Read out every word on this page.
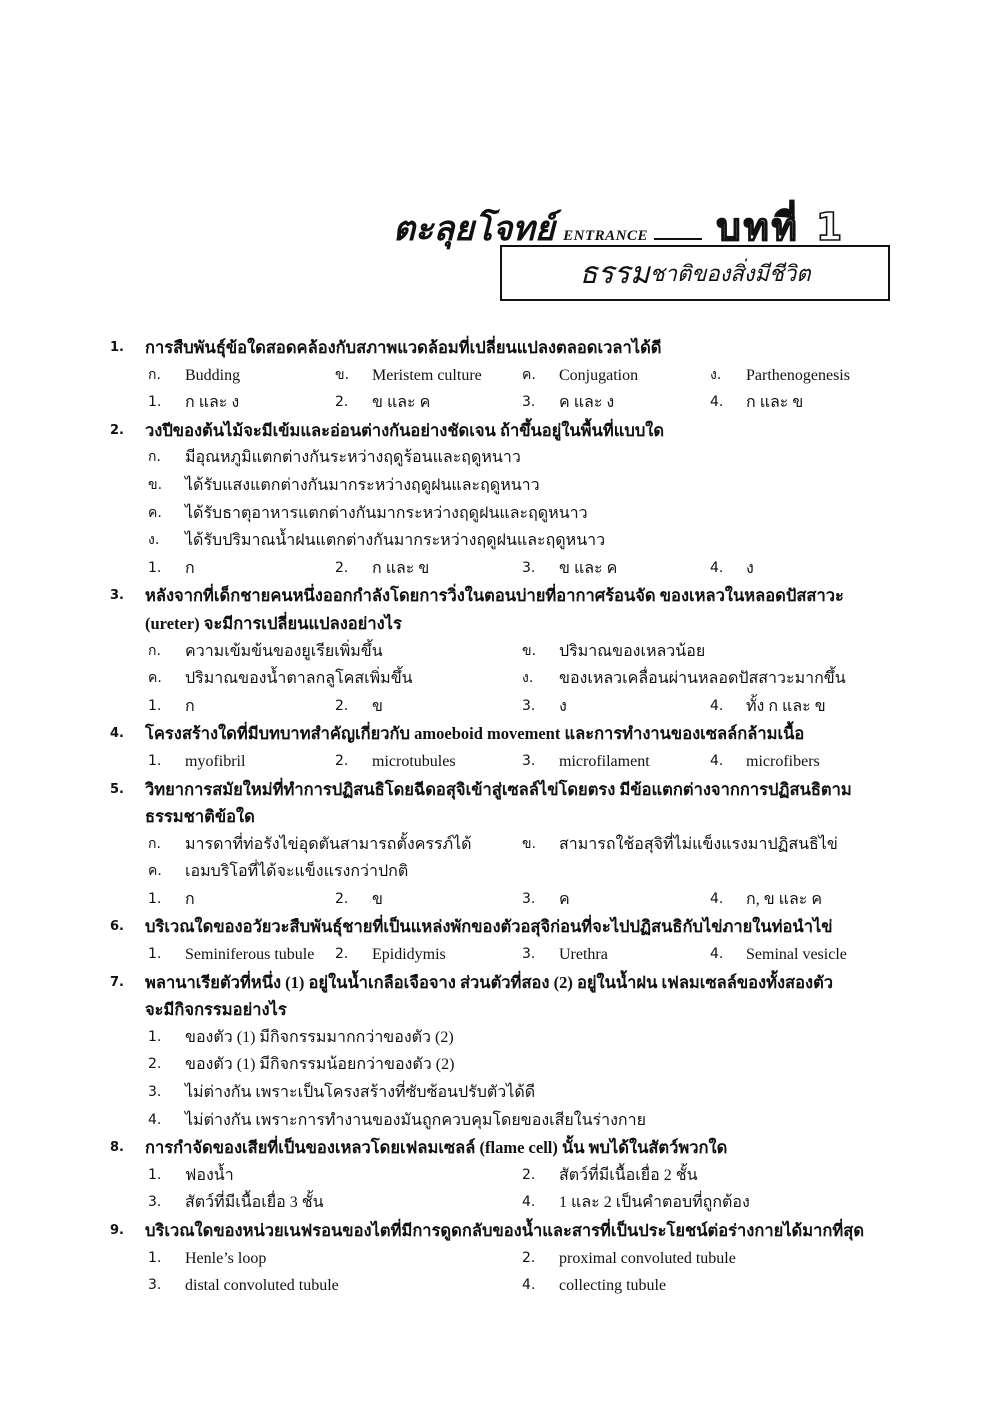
ตะลุยโจทย์ ENTRANCE บทที่ 1
ธรรม ชาติของสิ่งมีชีวิต
1. การสืบพันธุ์ข้อใดสอดคล้องกับสภาพแวดล้อมที่เปลี่ยนแปลงตลอดเวลาได้ดี
ก. Budding	ข. Meristem culture	ค. Conjugation	ง. Parthenogenesis
1. ก และ ง	2. ข และ ค	3. ค และ ง	4. ก และ ข
2. วงปีของต้นไม้จะมีเข้มและอ่อนต่างกันอย่างชัดเจน ถ้าขึ้นอยู่ในพื้นที่แบบใด
ก. มีอุณหภูมิแตกต่างกันระหว่างฤดูร้อนและฤดูหนาว
ข. ได้รับแสงแตกต่างกันมากระหว่างฤดูฝนและฤดูหนาว
ค. ได้รับธาตุอาหารแตกต่างกันมากระหว่างฤดูฝนและฤดูหนาว
ง. ได้รับปริมาณน้ำฝนแตกต่างกันมากระหว่างฤดูฝนและฤดูหนาว
1. ก	2. ก และ ข	3. ข และ ค	4. ง
3. หลังจากที่เด็กชายคนหนึ่งออกกำลังโดยการวิ่งในตอนบ่ายที่อากาศร้อนจัด ของเหลวในหลอดปัสสาวะ
(ureter) จะมีการเปลี่ยนแปลงอย่างไร
ก. ความเข้มข้นของยูเรียเพิ่มขึ้น	ข. ปริมาณของเหลวน้อย
ค. ปริมาณของน้ำตาลกลูโคสเพิ่มขึ้น	ง. ของเหลวเคลื่อนผ่านหลอดปัสสาวะมากขึ้น
1. ก	2. ข	3. ง	4. ทั้ง ก และ ข
4. โครงสร้างใดที่มีบทบาทสำคัญเกี่ยวกับ amoeboid movement และการทำงานของเซลล์กล้ามเนื้อ
1. myofibril	2. microtubules	3. microfilament	4. microfibers
5. วิทยาการสมัยใหม่ที่ทำการปฏิสนธิโดยฉีดอสุจิเข้าสู่เซลล์ไข่โดยตรง มีข้อแตกต่างจากการปฏิสนธิตาม
ธรรมชาติข้อใด
ก. มารดาที่ท่อรังไข่อุดตันสามารถตั้งครรภ์ได้	ข. สามารถใช้อสุจิที่ไม่แข็งแรงมาปฏิสนธิไข่
ค. เอมบริโอที่ได้จะแข็งแรงกว่าปกติ
1. ก	2. ข	3. ค	4. ก, ข และ ค
6. บริเวณใดของอวัยวะสืบพันธุ์ชายที่เป็นแหล่งพักของตัวอสุจิก่อนที่จะไปปฏิสนธิกับไข่ภายในท่อนำไข่
1. Seminiferous tubule 2. Epididymis	3. Urethra	4. Seminal vesicle
7. พลานาเรียตัวที่หนึ่ง (1) อยู่ในน้ำเกลือเจือจาง ส่วนตัวที่สอง (2) อยู่ในน้ำฝน เฟลมเซลล์ของทั้งสองตัว
จะมีกิจกรรมอย่างไร
1. ของตัว (1) มีกิจกรรมมากกว่าของตัว (2)
2. ของตัว (1) มีกิจกรรมน้อยกว่าของตัว (2)
3. ไม่ต่างกัน เพราะเป็นโครงสร้างที่ซับซ้อนปรับตัวได้ดี
4. ไม่ต่างกัน เพราะการทำงานของมันถูกควบคุมโดยของเสียในร่างกาย
8. การกำจัดของเสียที่เป็นของเหลวโดยเฟลมเซลล์ (flame cell) นั้น พบได้ในสัตว์พวกใด
1. ฟองน้ำ	2. สัตว์ที่มีเนื้อเยื่อ 2 ชั้น
3. สัตว์ที่มีเนื้อเยื่อ 3 ชั้น	4. 1 และ 2 เป็นคำตอบที่ถูกต้อง
9. บริเวณใดของหน่วยเนฟรอนของไตที่มีการดูดกลับของน้ำและสารที่เป็นประโยชน์ต่อร่างกายได้มากที่สุด
1. Henle’s loop	2. proximal convoluted tubule
3. distal convoluted tubule	4. collecting tubule
